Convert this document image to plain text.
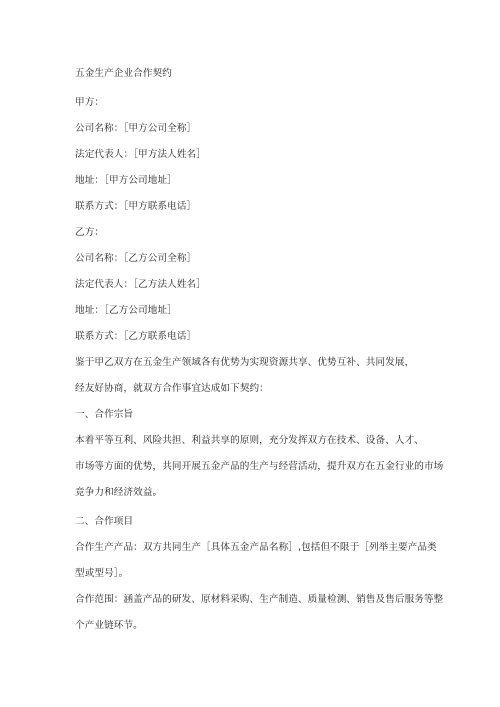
五金生产企业合作契约
甲方：
公司名称：［甲方公司全称］
法定代表人：［甲方法人姓名］
地址：［甲方公司地址］
联系方式：［甲方联系电话］
乙方：
公司名称：［乙方公司全称］
法定代表人：［乙方法人姓名］
地址：［乙方公司地址］
联系方式：［乙方联系电话］
鉴于甲乙双方在五金生产领域各有优势为实现资源共享、优势互补、共同发展，
经友好协商，就双方合作事宜达成如下契约：
一、合作宗旨
本着平等互利、风险共担、利益共享的原则，充分发挥双方在技术、设备、人才、
市场等方面的优势，共同开展五金产品的生产与经营活动，提升双方在五金行业的市场
竞争力和经济效益。
二、合作项目
合作生产产品：双方共同生产［具体五金产品名称］,包括但不限于［列举主要产品类
型或型号］。
合作范围：涵盖产品的研发、原材料采购、生产制造、质量检测、销售及售后服务等整
个产业链环节。
